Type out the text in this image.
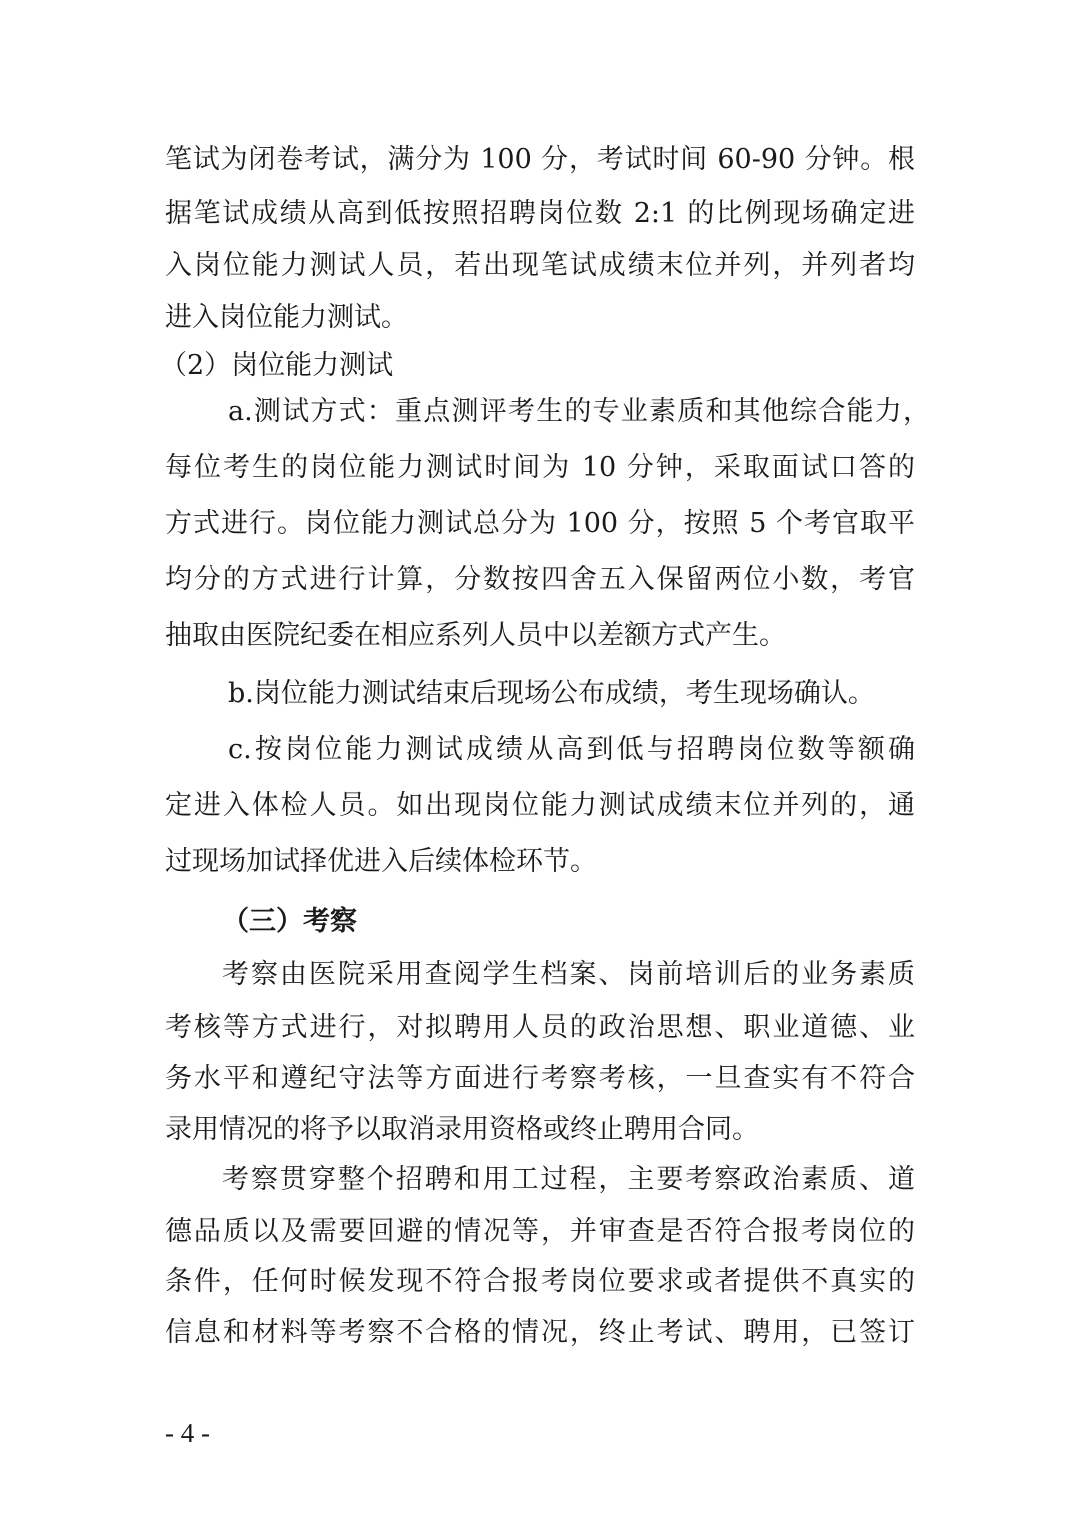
笔试为闭卷考试，满分为 100 分，考试时间 60-90 分钟。根
据笔试成绩从高到低按照招聘岗位数 2:1 的比例现场确定进
入岗位能力测试人员，若出现笔试成绩末位并列，并列者均
进入岗位能力测试。
（2）岗位能力测试
a.测试方式：重点测评考生的专业素质和其他综合能力，
每位考生的岗位能力测试时间为 10 分钟，采取面试口答的
方式进行。岗位能力测试总分为 100 分，按照 5 个考官取平
均分的方式进行计算，分数按四舍五入保留两位小数，考官
抽取由医院纪委在相应系列人员中以差额方式产生。
b.岗位能力测试结束后现场公布成绩，考生现场确认。
c.按岗位能力测试成绩从高到低与招聘岗位数等额确
定进入体检人员。如出现岗位能力测试成绩末位并列的，通
过现场加试择优进入后续体检环节。
（三）考察
考察由医院采用查阅学生档案、岗前培训后的业务素质
考核等方式进行，对拟聘用人员的政治思想、职业道德、业
务水平和遵纪守法等方面进行考察考核，一旦查实有不符合
录用情况的将予以取消录用资格或终止聘用合同。
考察贯穿整个招聘和用工过程，主要考察政治素质、道
德品质以及需要回避的情况等，并审查是否符合报考岗位的
条件，任何时候发现不符合报考岗位要求或者提供不真实的
信息和材料等考察不合格的情况，终止考试、聘用，已签订
- 4 -
